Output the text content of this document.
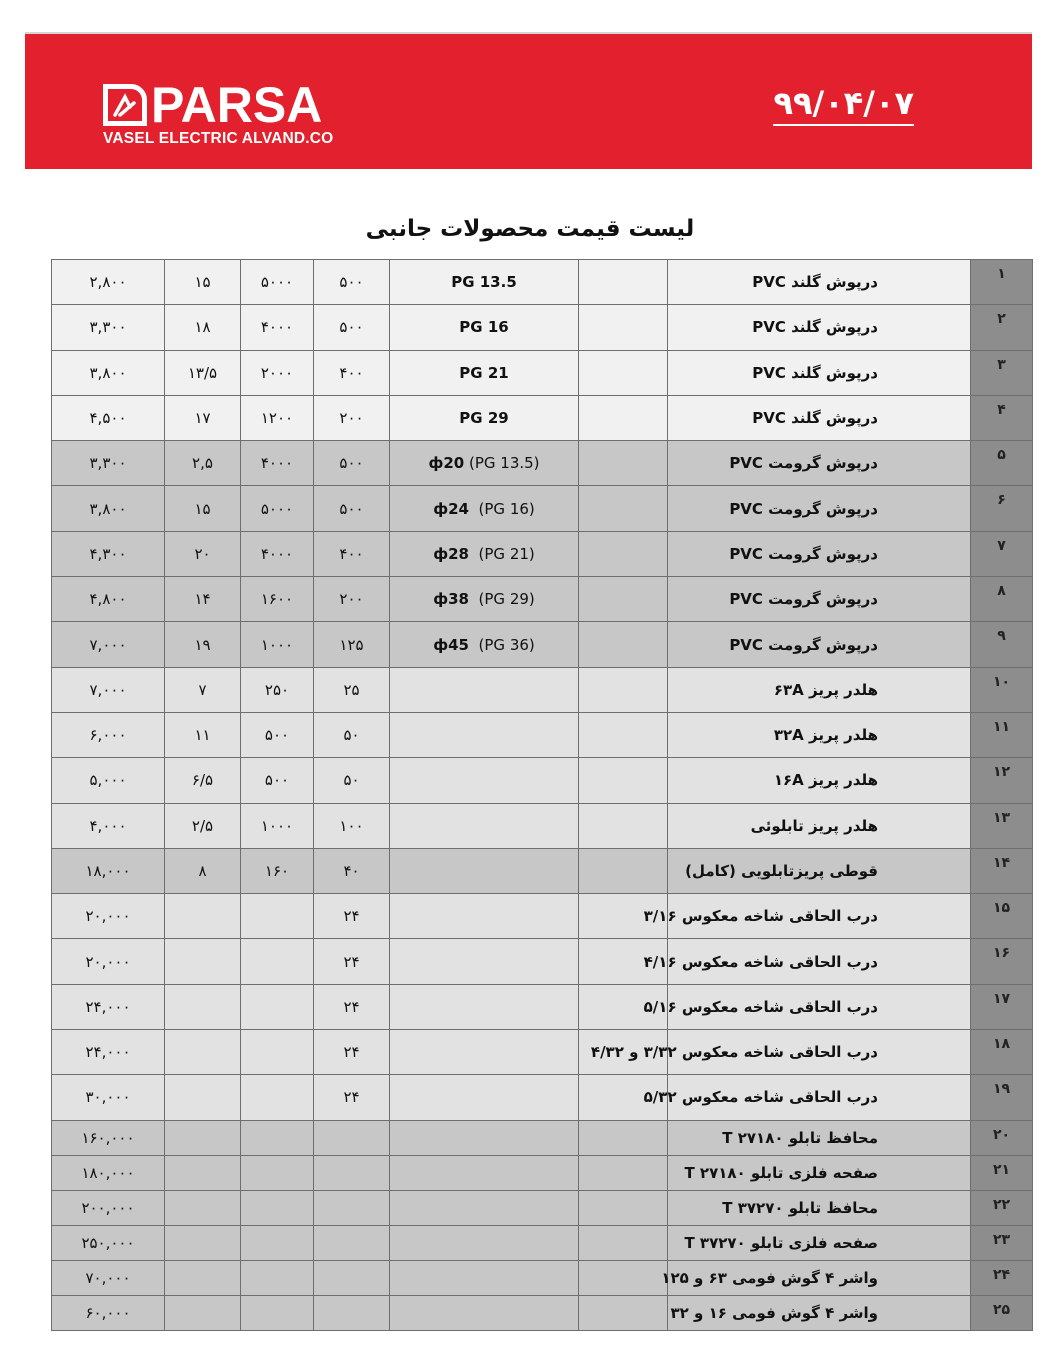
PARSA
VASEL ELECTRIC ALVAND.CO
۹۹/۰۴/۰۷
لیست قیمت محصولات جانبی
۲,۸۰۰	۱۵	۵۰۰۰	۵۰۰	PG 13.5		درپوش گلند PVC	۱
۳,۳۰۰	۱۸	۴۰۰۰	۵۰۰	PG 16		درپوش گلند PVC	۲
۳,۸۰۰	۱۳/۵	۲۰۰۰	۴۰۰	PG 21		درپوش گلند PVC	۳
۴,۵۰۰	۱۷	۱۲۰۰	۲۰۰	PG 29		درپوش گلند PVC	۴
۳,۳۰۰	۲,۵	۴۰۰۰	۵۰۰	ф20 (PG 13.5)		درپوش گرومت PVC	۵
۳,۸۰۰	۱۵	۵۰۰۰	۵۰۰	ф24  (PG 16)		درپوش گرومت PVC	۶
۴,۳۰۰	۲۰	۴۰۰۰	۴۰۰	ф28  (PG 21)		درپوش گرومت PVC	۷
۴,۸۰۰	۱۴	۱۶۰۰	۲۰۰	ф38  (PG 29)		درپوش گرومت PVC	۸
۷,۰۰۰	۱۹	۱۰۰۰	۱۲۵	ф45  (PG 36)		درپوش گرومت PVC	۹
۷,۰۰۰	۷	۲۵۰	۲۵			هلدر پریز ۶۳A	۱۰
۶,۰۰۰	۱۱	۵۰۰	۵۰			هلدر پریز ۳۲A	۱۱
۵,۰۰۰	۶/۵	۵۰۰	۵۰			هلدر پریز ۱۶A	۱۲
۴,۰۰۰	۲/۵	۱۰۰۰	۱۰۰			هلدر پریز تابلوئی	۱۳
۱۸,۰۰۰	۸	۱۶۰	۴۰			قوطی پریزتابلویی (کامل)	۱۴
۲۰,۰۰۰			۲۴			درب الحاقی شاخه معکوس ۳/۱۶	۱۵
۲۰,۰۰۰			۲۴			درب الحاقی شاخه معکوس ۴/۱۶	۱۶
۲۴,۰۰۰			۲۴			درب الحاقی شاخه معکوس ۵/۱۶	۱۷
۲۴,۰۰۰			۲۴			درب الحاقی شاخه معکوس ۳/۳۲ و ۴/۳۲	۱۸
۳۰,۰۰۰			۲۴			درب الحاقی شاخه معکوس ۵/۳۲	۱۹
۱۶۰,۰۰۰						محافظ تابلو T ۲۷۱۸۰	۲۰
۱۸۰,۰۰۰						صفحه فلزی تابلو T ۲۷۱۸۰	۲۱
۲۰۰,۰۰۰						محافظ تابلو T ۳۷۲۷۰	۲۲
۲۵۰,۰۰۰						صفحه فلزی تابلو T ۳۷۲۷۰	۲۳
۷۰,۰۰۰						واشر ۴ گوش فومی ۶۳ و ۱۲۵	۲۴
۶۰,۰۰۰						واشر ۴ گوش فومی ۱۶ و ۳۲	۲۵
